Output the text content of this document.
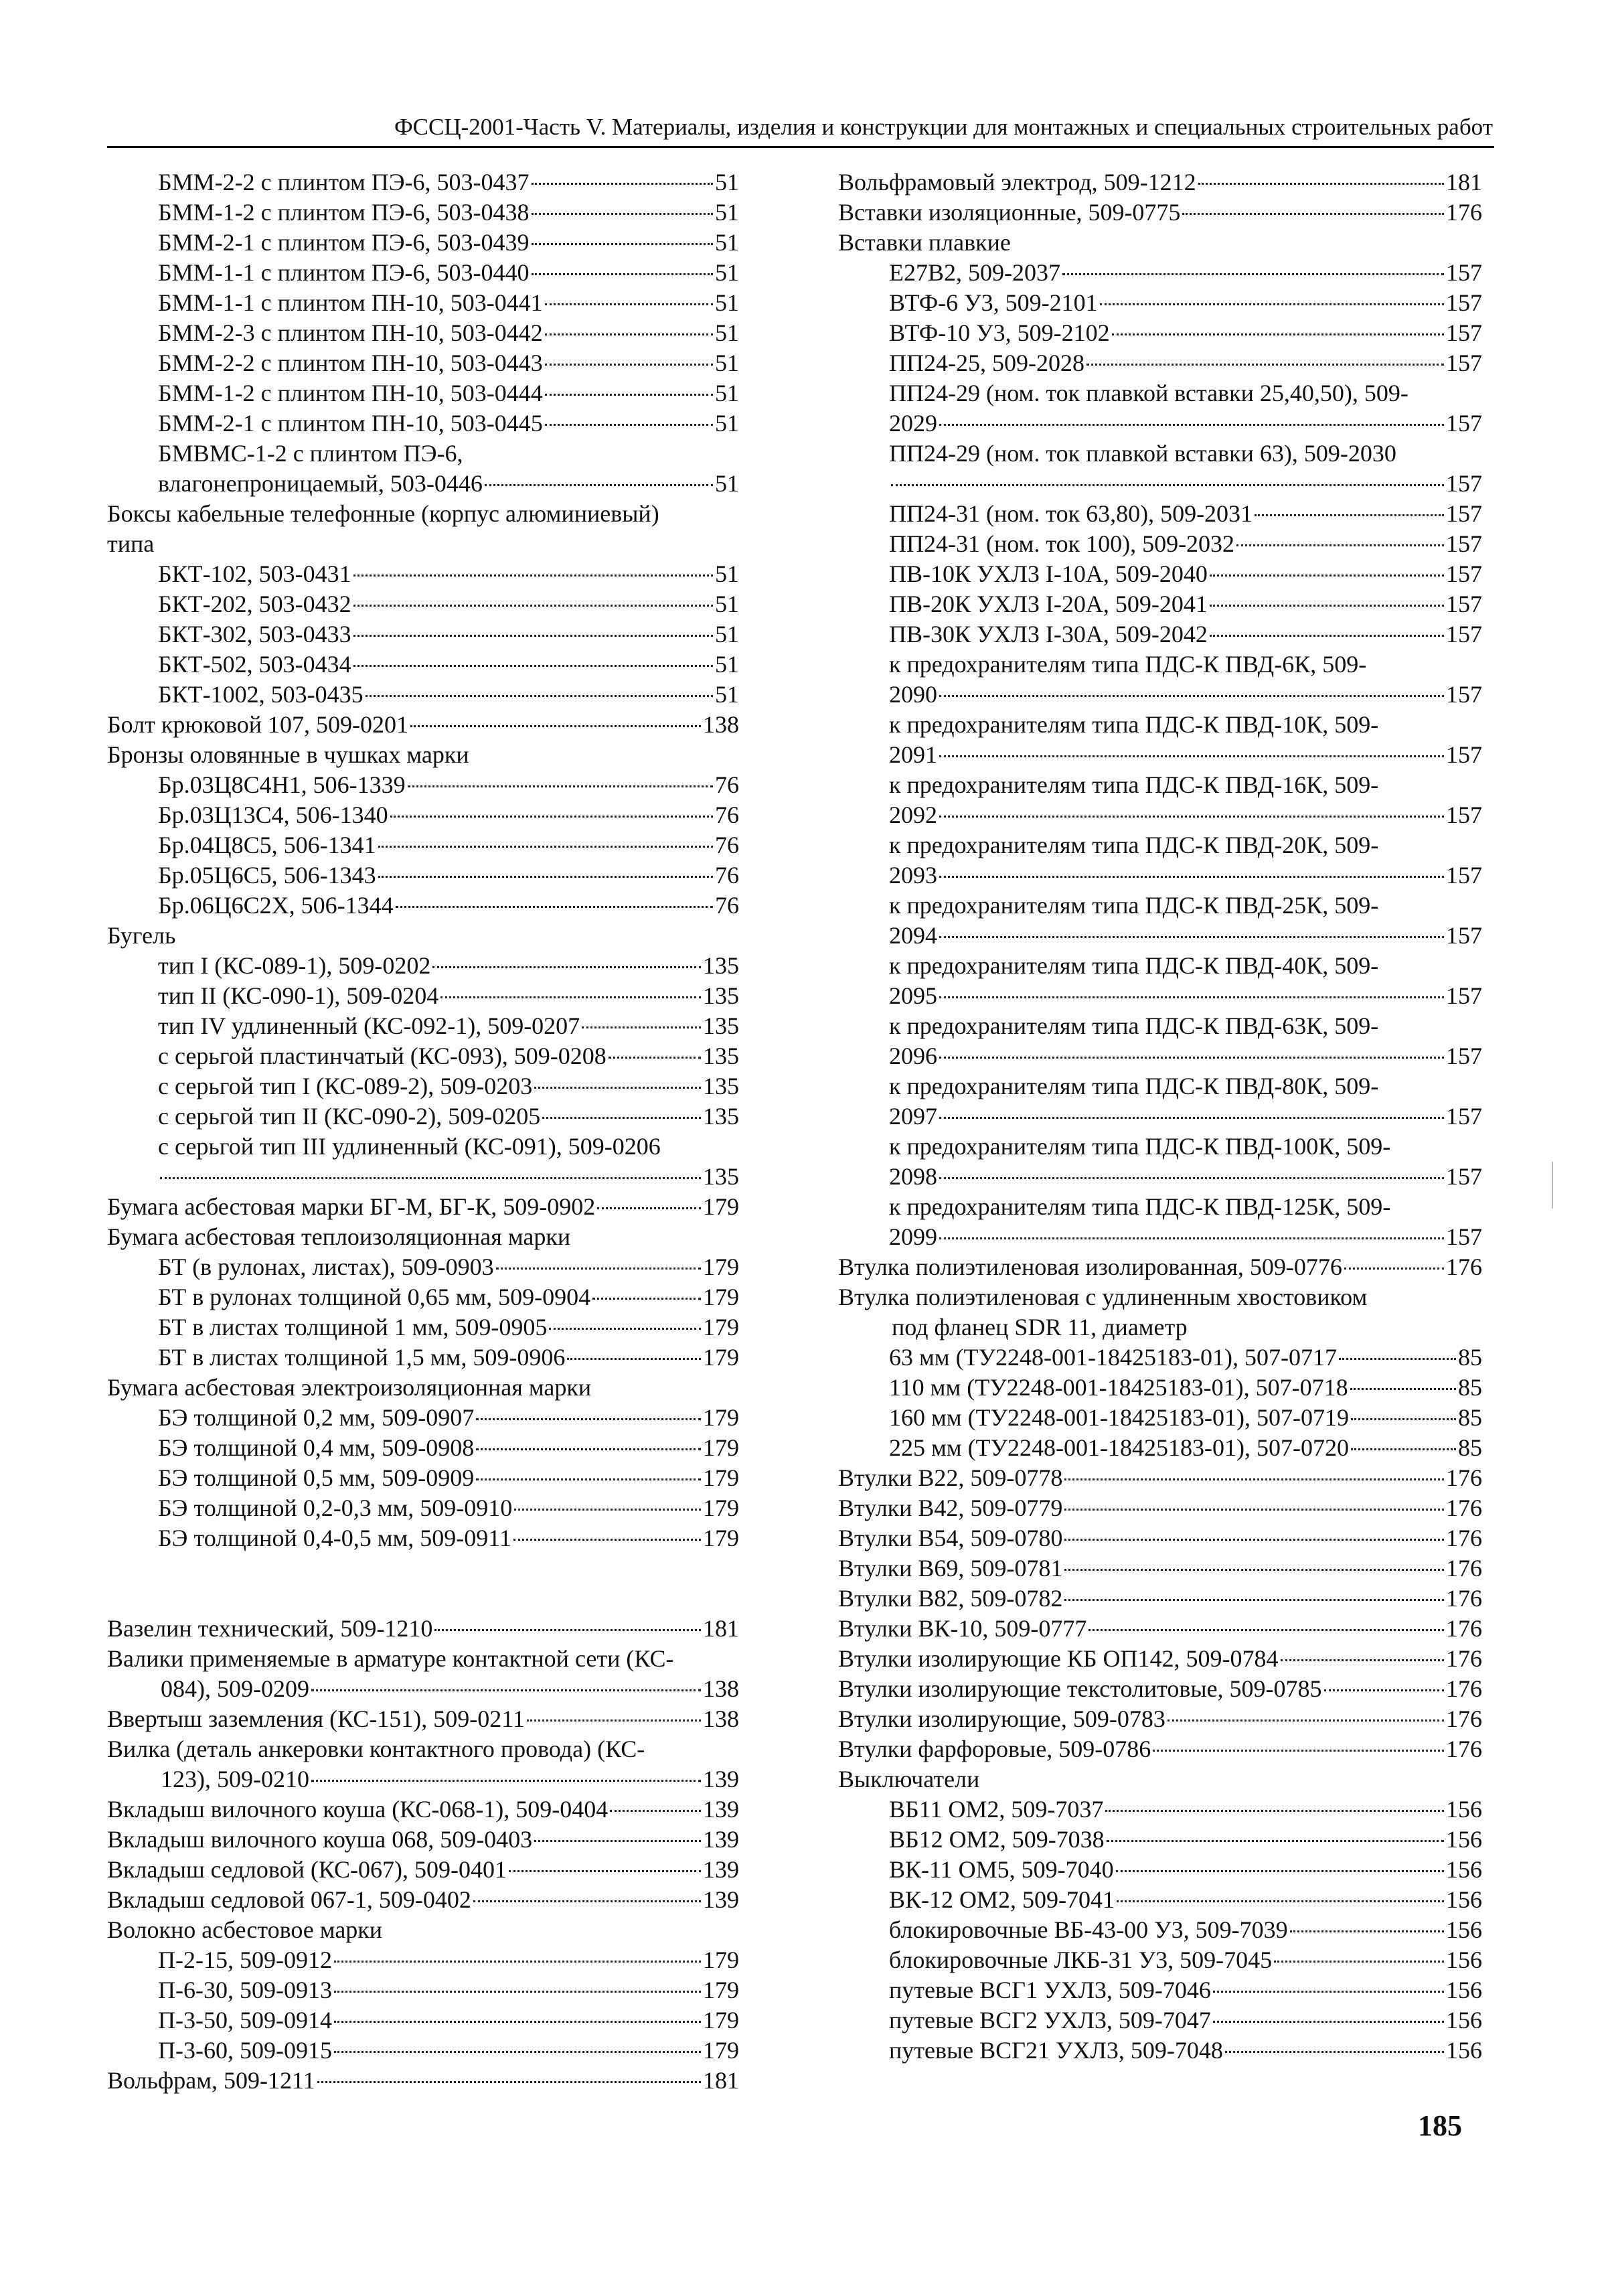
ФССЦ-2001-Часть V. Материалы, изделия и конструкции для монтажных и специальных строительных работ
БММ-2-2 с плинтом ПЭ-6, 503-0437	51
БММ-1-2 с плинтом ПЭ-6, 503-0438	51
БММ-2-1 с плинтом ПЭ-6, 503-0439	51
БММ-1-1 с плинтом ПЭ-6, 503-0440	51
БММ-1-1 с плинтом ПН-10, 503-0441	51
БММ-2-3 с плинтом ПН-10, 503-0442	51
БММ-2-2 с плинтом ПН-10, 503-0443	51
БММ-1-2 с плинтом ПН-10, 503-0444	51
БММ-2-1 с плинтом ПН-10, 503-0445	51
БМВМС-1-2 с плинтом ПЭ-6,
влагонепроницаемый, 503-0446	51
Боксы кабельные телефонные (корпус алюминиевый)
типа
БКТ-102, 503-0431	51
БКТ-202, 503-0432	51
БКТ-302, 503-0433	51
БКТ-502, 503-0434	51
БКТ-1002, 503-0435	51
Болт крюковой 107, 509-0201	138
Бронзы оловянные в чушках марки
Бр.03Ц8С4Н1, 506-1339	76
Бр.03Ц13С4, 506-1340	76
Бр.04Ц8С5, 506-1341	76
Бр.05Ц6С5, 506-1343	76
Бр.06Ц6С2Х, 506-1344	76
Бугель
тип I (КС-089-1), 509-0202	135
тип II (КС-090-1), 509-0204	135
тип IV удлиненный (КС-092-1), 509-0207	135
с серьгой пластинчатый (КС-093), 509-0208	135
с серьгой тип I (КС-089-2), 509-0203	135
с серьгой тип II (КС-090-2), 509-0205	135
с серьгой тип III удлиненный (КС-091), 509-0206
135
Бумага асбестовая марки БГ-М, БГ-К, 509-0902	179
Бумага асбестовая теплоизоляционная марки
БТ (в рулонах, листах), 509-0903	179
БТ в рулонах толщиной 0,65 мм, 509-0904	179
БТ в листах толщиной 1 мм, 509-0905	179
БТ в листах толщиной 1,5 мм, 509-0906	179
Бумага асбестовая электроизоляционная марки
БЭ толщиной 0,2 мм, 509-0907	179
БЭ толщиной 0,4 мм, 509-0908	179
БЭ толщиной 0,5 мм, 509-0909	179
БЭ толщиной 0,2-0,3 мм, 509-0910	179
БЭ толщиной 0,4-0,5 мм, 509-0911	179
Вазелин технический, 509-1210	181
Валики применяемые в арматуре контактной сети (КС-
084), 509-0209	138
Ввертыш заземления (КС-151), 509-0211	138
Вилка (деталь анкеровки контактного провода) (КС-
123), 509-0210	139
Вкладыш вилочного коуша (КС-068-1), 509-0404	139
Вкладыш вилочного коуша 068, 509-0403	139
Вкладыш седловой (КС-067), 509-0401	139
Вкладыш седловой 067-1, 509-0402	139
Волокно асбестовое марки
П-2-15, 509-0912	179
П-6-30, 509-0913	179
П-3-50, 509-0914	179
П-3-60, 509-0915	179
Вольфрам, 509-1211	181
Вольфрамовый электрод, 509-1212	181
Вставки изоляционные, 509-0775	176
Вставки плавкие
Е27В2, 509-2037	157
ВТФ-6 У3, 509-2101	157
ВТФ-10 У3, 509-2102	157
ПП24-25, 509-2028	157
ПП24-29 (ном. ток плавкой вставки 25,40,50), 509-
2029	157
ПП24-29 (ном. ток плавкой вставки 63), 509-2030
157
ПП24-31 (ном. ток 63,80), 509-2031	157
ПП24-31 (ном. ток 100), 509-2032	157
ПВ-10К УХЛ3 I-10А, 509-2040	157
ПВ-20К УХЛ3 I-20А, 509-2041	157
ПВ-30К УХЛ3 I-30А, 509-2042	157
к предохранителям типа ПДС-К ПВД-6К, 509-
2090	157
к предохранителям типа ПДС-К ПВД-10К, 509-
2091	157
к предохранителям типа ПДС-К ПВД-16К, 509-
2092	157
к предохранителям типа ПДС-К ПВД-20К, 509-
2093	157
к предохранителям типа ПДС-К ПВД-25К, 509-
2094	157
к предохранителям типа ПДС-К ПВД-40К, 509-
2095	157
к предохранителям типа ПДС-К ПВД-63К, 509-
2096	157
к предохранителям типа ПДС-К ПВД-80К, 509-
2097	157
к предохранителям типа ПДС-К ПВД-100К, 509-
2098	157
к предохранителям типа ПДС-К ПВД-125К, 509-
2099	157
Втулка полиэтиленовая изолированная, 509-0776	176
Втулка полиэтиленовая с удлиненным хвостовиком
под фланец SDR 11, диаметр
63 мм (ТУ2248-001-18425183-01), 507-0717	85
110 мм (ТУ2248-001-18425183-01), 507-0718	85
160 мм (ТУ2248-001-18425183-01), 507-0719	85
225 мм (ТУ2248-001-18425183-01), 507-0720	85
Втулки В22, 509-0778	176
Втулки В42, 509-0779	176
Втулки В54, 509-0780	176
Втулки В69, 509-0781	176
Втулки В82, 509-0782	176
Втулки ВК-10, 509-0777	176
Втулки изолирующие КБ ОП142, 509-0784	176
Втулки изолирующие текстолитовые, 509-0785	176
Втулки изолирующие, 509-0783	176
Втулки фарфоровые, 509-0786	176
Выключатели
ВБ11 ОМ2, 509-7037	156
ВБ12 ОМ2, 509-7038	156
ВК-11 ОМ5, 509-7040	156
ВК-12 ОМ2, 509-7041	156
блокировочные ВБ-43-00 У3, 509-7039	156
блокировочные ЛКБ-31 У3, 509-7045	156
путевые ВСГ1 УХЛ3, 509-7046	156
путевые ВСГ2 УХЛ3, 509-7047	156
путевые ВСГ21 УХЛ3, 509-7048	156
185
